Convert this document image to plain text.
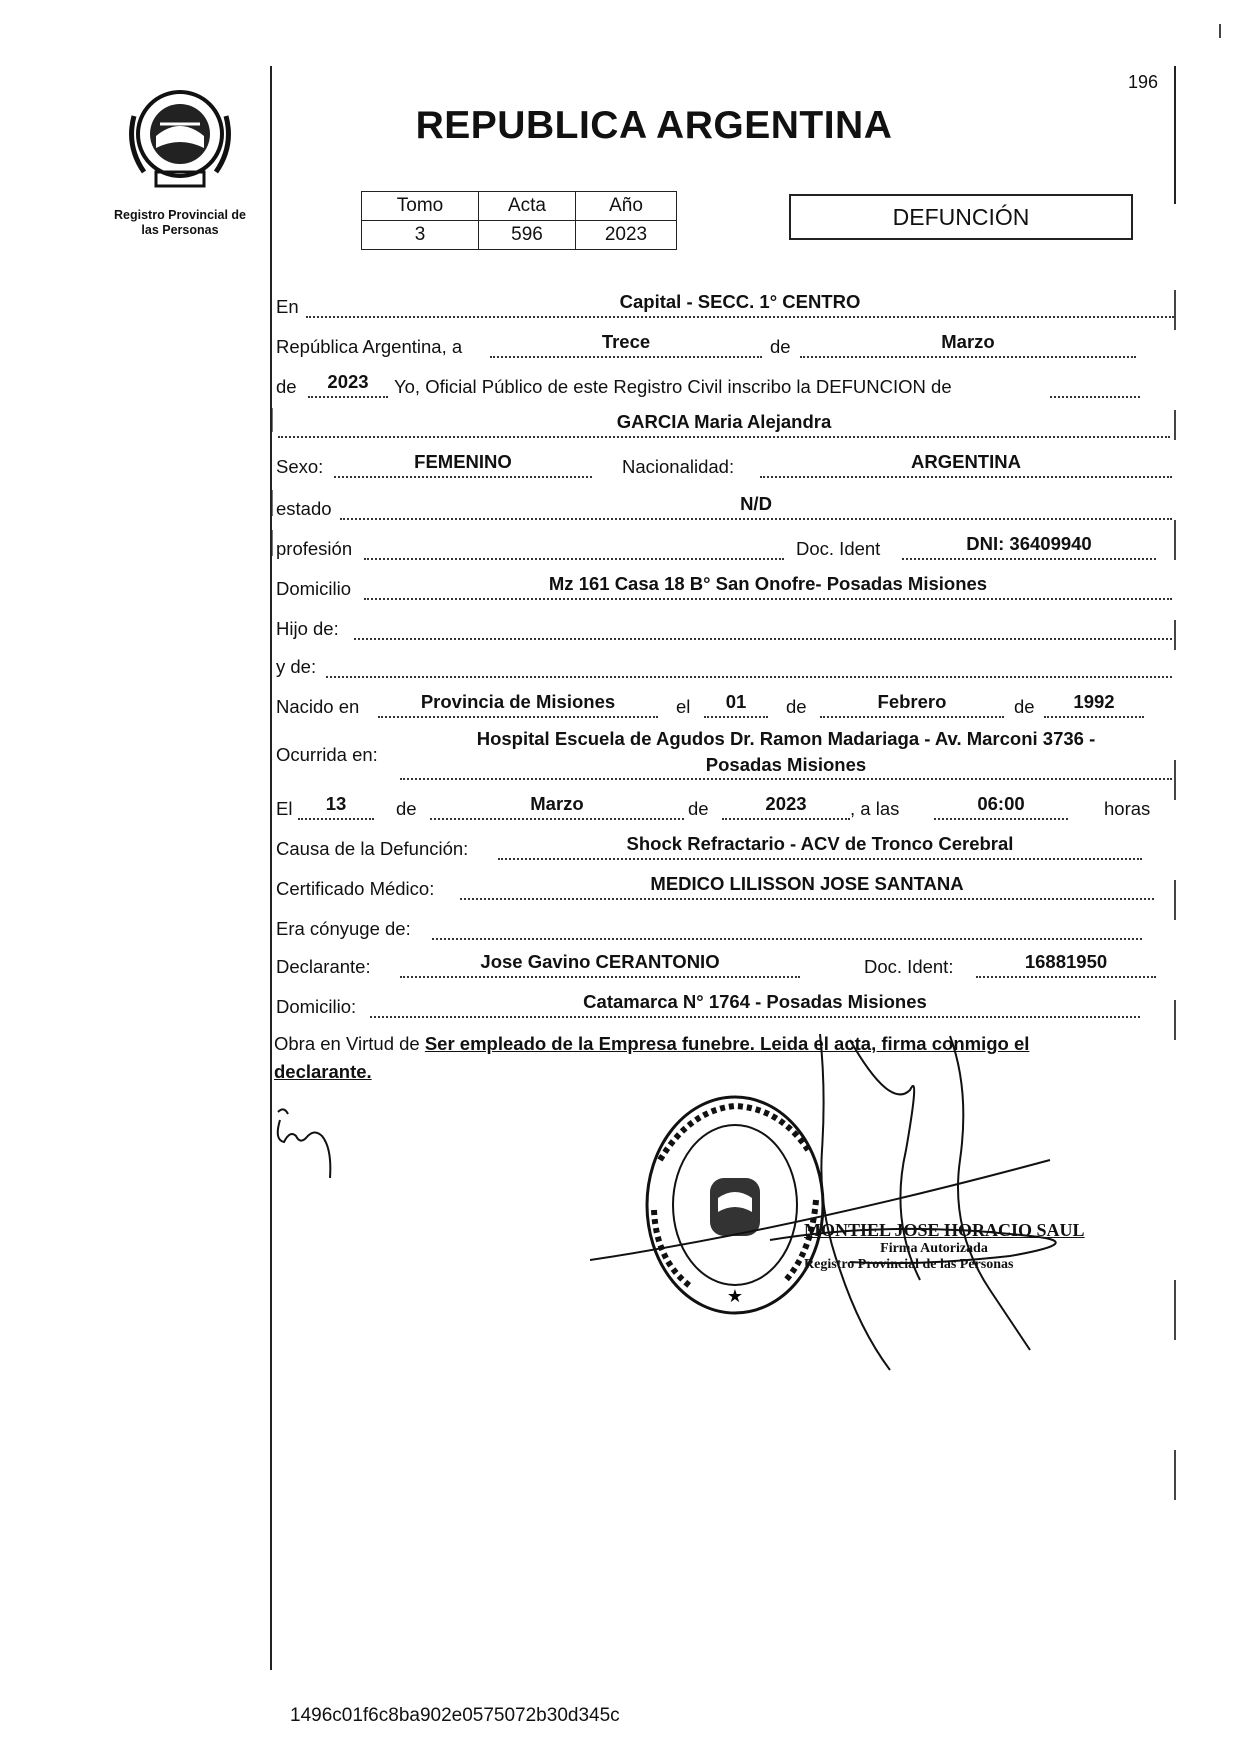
Registro Provincial de
las Personas
196
REPUBLICA ARGENTINA
Tomo	Acta	Año
3	596	2023
DEFUNCIÓN
En	Capital - SECC. 1° CENTRO
República Argentina, a	Trece	de	Marzo
de	2023	Yo, Oficial Público de este Registro Civil inscribo la DEFUNCION de
GARCIA Maria Alejandra
Sexo:	FEMENINO	Nacionalidad:	ARGENTINA
estado	N/D
profesión	Doc. Ident	DNI: 36409940
Domicilio	Mz 161 Casa 18 B° San Onofre- Posadas Misiones
Hijo de:
y de:
Nacido en	Provincia de Misiones	el	01	de	Febrero	de	1992
Ocurrida en:
Hospital Escuela de Agudos Dr. Ramon Madariaga - Av. Marconi 3736 -
Posadas Misiones
El	13	de	Marzo	de	2023	, a las	06:00	horas
Causa de la Defunción:	Shock Refractario - ACV de Tronco Cerebral
Certificado Médico:	MEDICO LILISSON JOSE SANTANA
Era cónyuge de:
Declarante:	Jose Gavino CERANTONIO	Doc. Ident:	16881950
Domicilio:	Catamarca N° 1764 - Posadas Misiones
Obra en Virtud de Ser empleado de la Empresa funebre. Leida el acta, firma conmigo el
declarante.
★
MONTIEL JOSE HORACIO SAUL
Firma Autorizada
Registro Provincial de las Personas
1496c01f6c8ba902e0575072b30d345c
